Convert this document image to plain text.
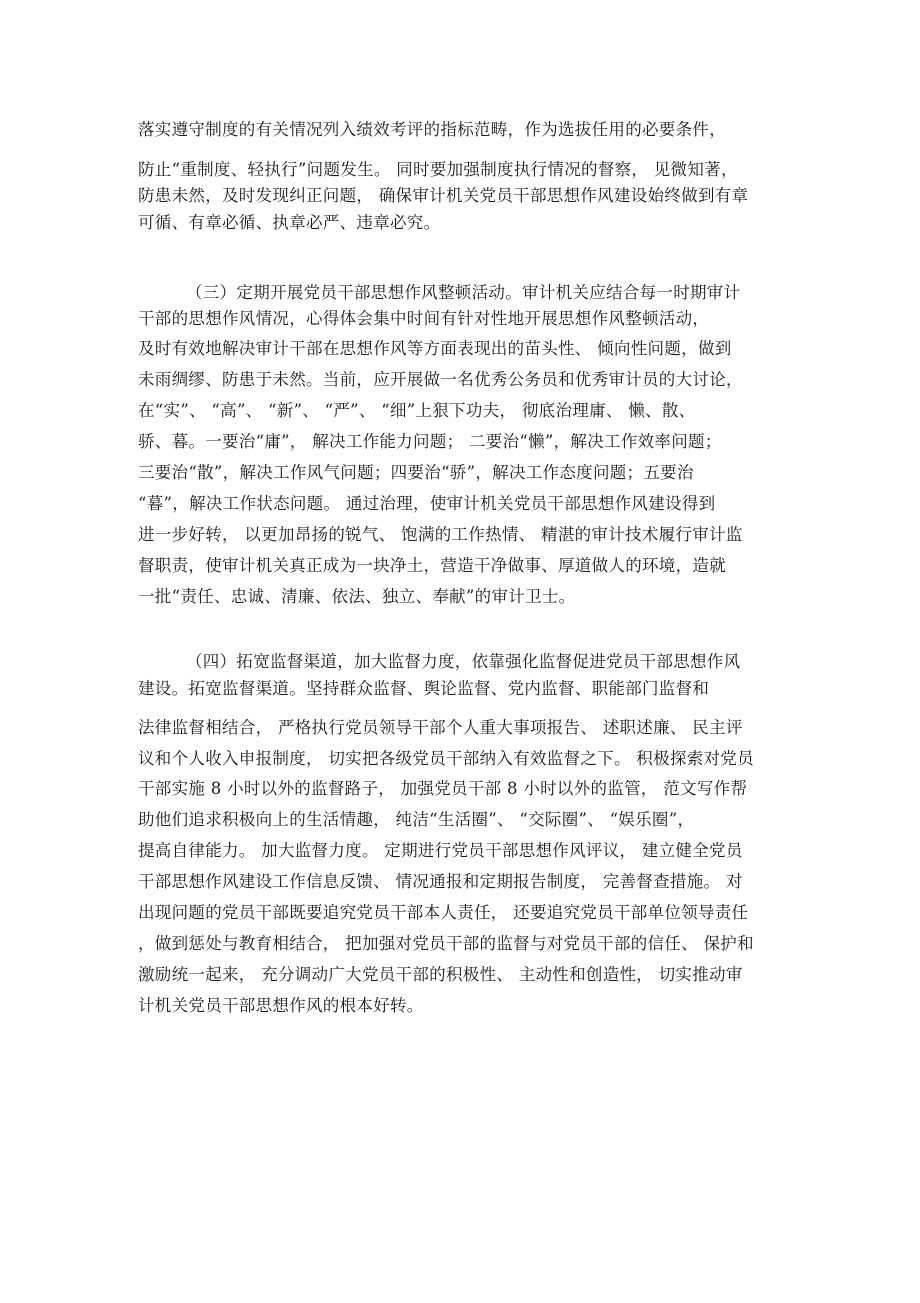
落实遵守制度的有关情况列入绩效考评的指标范畴，作为选拔任用的必要条件，
防止“重制度、轻执行”问题发生。 同时要加强制度执行情况的督察， 见微知著，
防患未然，及时发现纠正问题， 确保审计机关党员干部思想作风建设始终做到有章
可循、有章必循、执章必严、违章必究。
（三）定期开展党员干部思想作风整顿活动。审计机关应结合每一时期审计
干部的思想作风情况，心得体会集中时间有针对性地开展思想作风整顿活动，
及时有效地解决审计干部在思想作风等方面表现出的苗头性、 倾向性问题，做到
未雨绸缪、防患于未然。当前，应开展做一名优秀公务员和优秀审计员的大讨论，
在“实”、 “高”、 “新”、 “严”、 “细”上狠下功夫， 彻底治理庸、 懒、散、
骄、暮。一要治“庸”， 解决工作能力问题； 二要治“懒”，解决工作效率问题；
三要治“散”，解决工作风气问题；四要治“骄”，解决工作态度问题；五要治
“暮”，解决工作状态问题。 通过治理，使审计机关党员干部思想作风建设得到
进一步好转， 以更加昂扬的锐气、 饱满的工作热情、 精湛的审计技术履行审计监
督职责，使审计机关真正成为一块净土，营造干净做事、厚道做人的环境，造就
一批“责任、忠诚、清廉、依法、独立、奉献”的审计卫士。
（四）拓宽监督渠道，加大监督力度，依靠强化监督促进党员干部思想作风
建设。拓宽监督渠道。坚持群众监督、舆论监督、党内监督、职能部门监督和
法律监督相结合， 严格执行党员领导干部个人重大事项报告、 述职述廉、 民主评
议和个人收入申报制度， 切实把各级党员干部纳入有效监督之下。 积极探索对党员
干部实施 8 小时以外的监督路子， 加强党员干部 8 小时以外的监管， 范文写作帮
助他们追求积极向上的生活情趣， 纯洁“生活圈”、 “交际圈”、 “娱乐圈”，
提高自律能力。 加大监督力度。 定期进行党员干部思想作风评议， 建立健全党员
干部思想作风建设工作信息反馈、 情况通报和定期报告制度， 完善督查措施。 对
出现问题的党员干部既要追究党员干部本人责任， 还要追究党员干部单位领导责任
，做到惩处与教育相结合， 把加强对党员干部的监督与对党员干部的信任、 保护和
激励统一起来， 充分调动广大党员干部的积极性、 主动性和创造性， 切实推动审
计机关党员干部思想作风的根本好转。
